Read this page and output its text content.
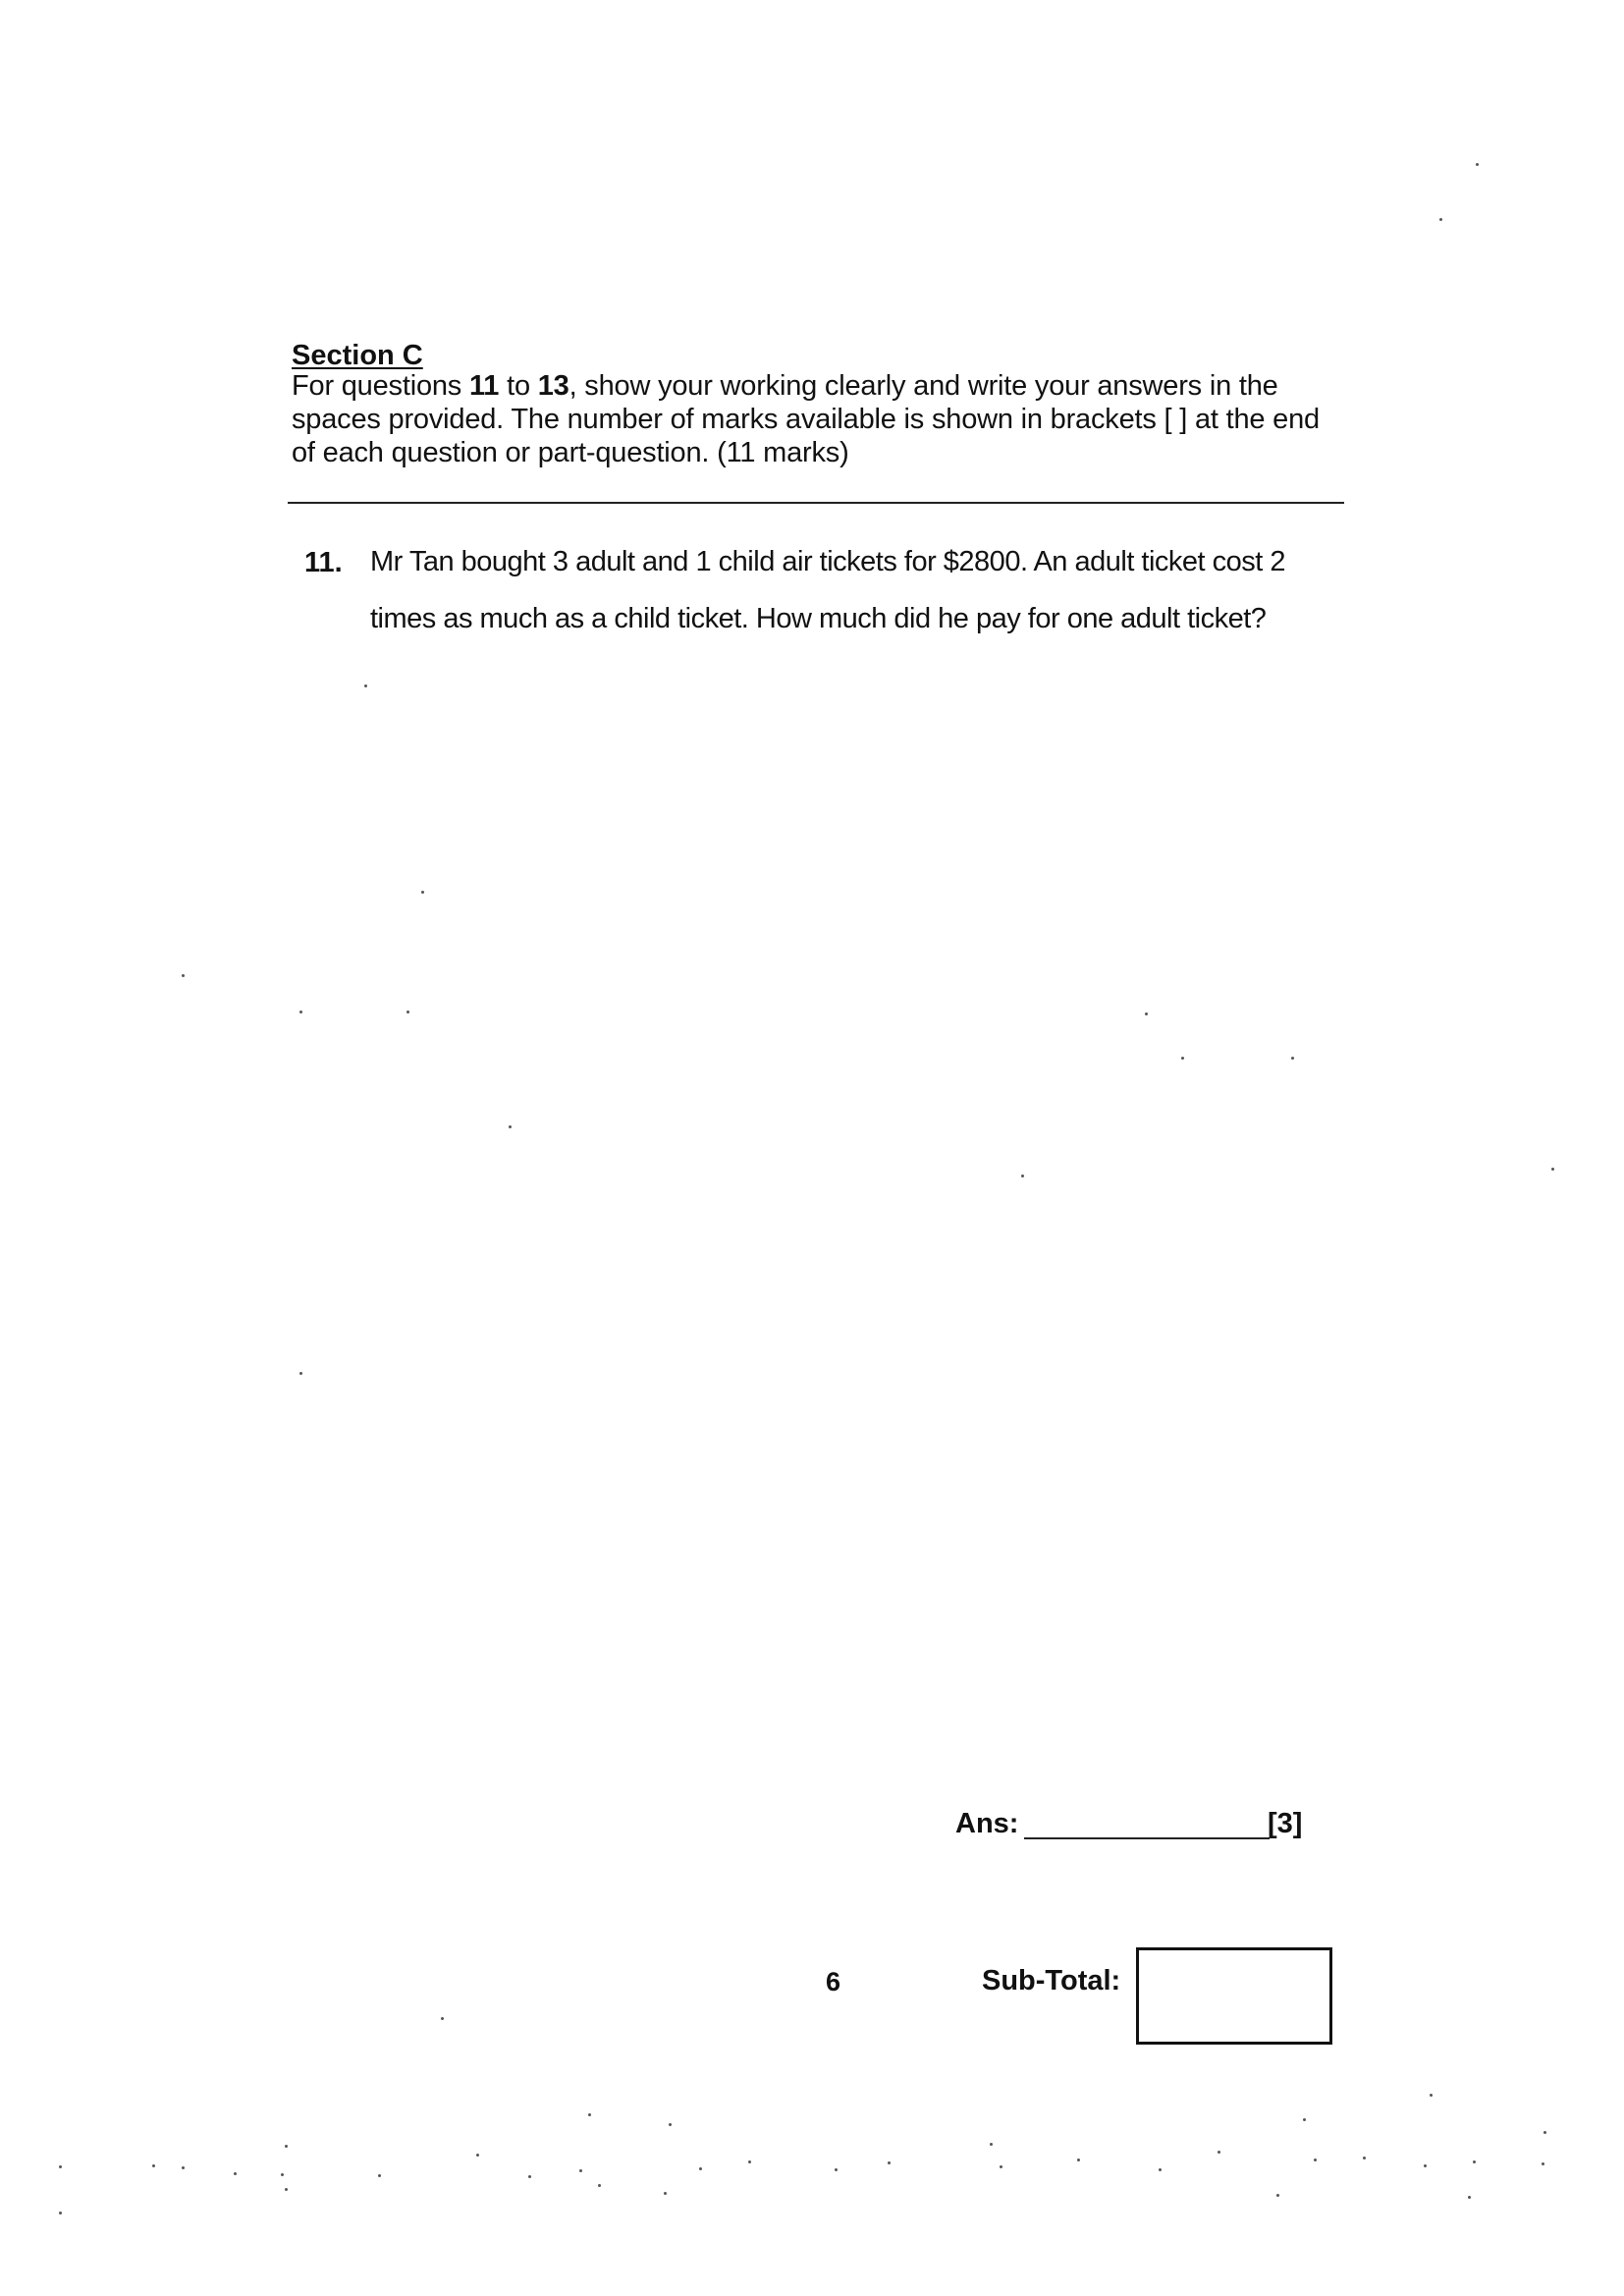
Section C
For questions 11 to 13, show your working clearly and write your answers in the spaces provided. The number of marks available is shown in brackets [ ] at the end of each question or part-question. (11 marks)
11. Mr Tan bought 3 adult and 1 child air tickets for $2800. An adult ticket cost 2 times as much as a child ticket. How much did he pay for one adult ticket?
Ans:	[3]
6	Sub-Total:
